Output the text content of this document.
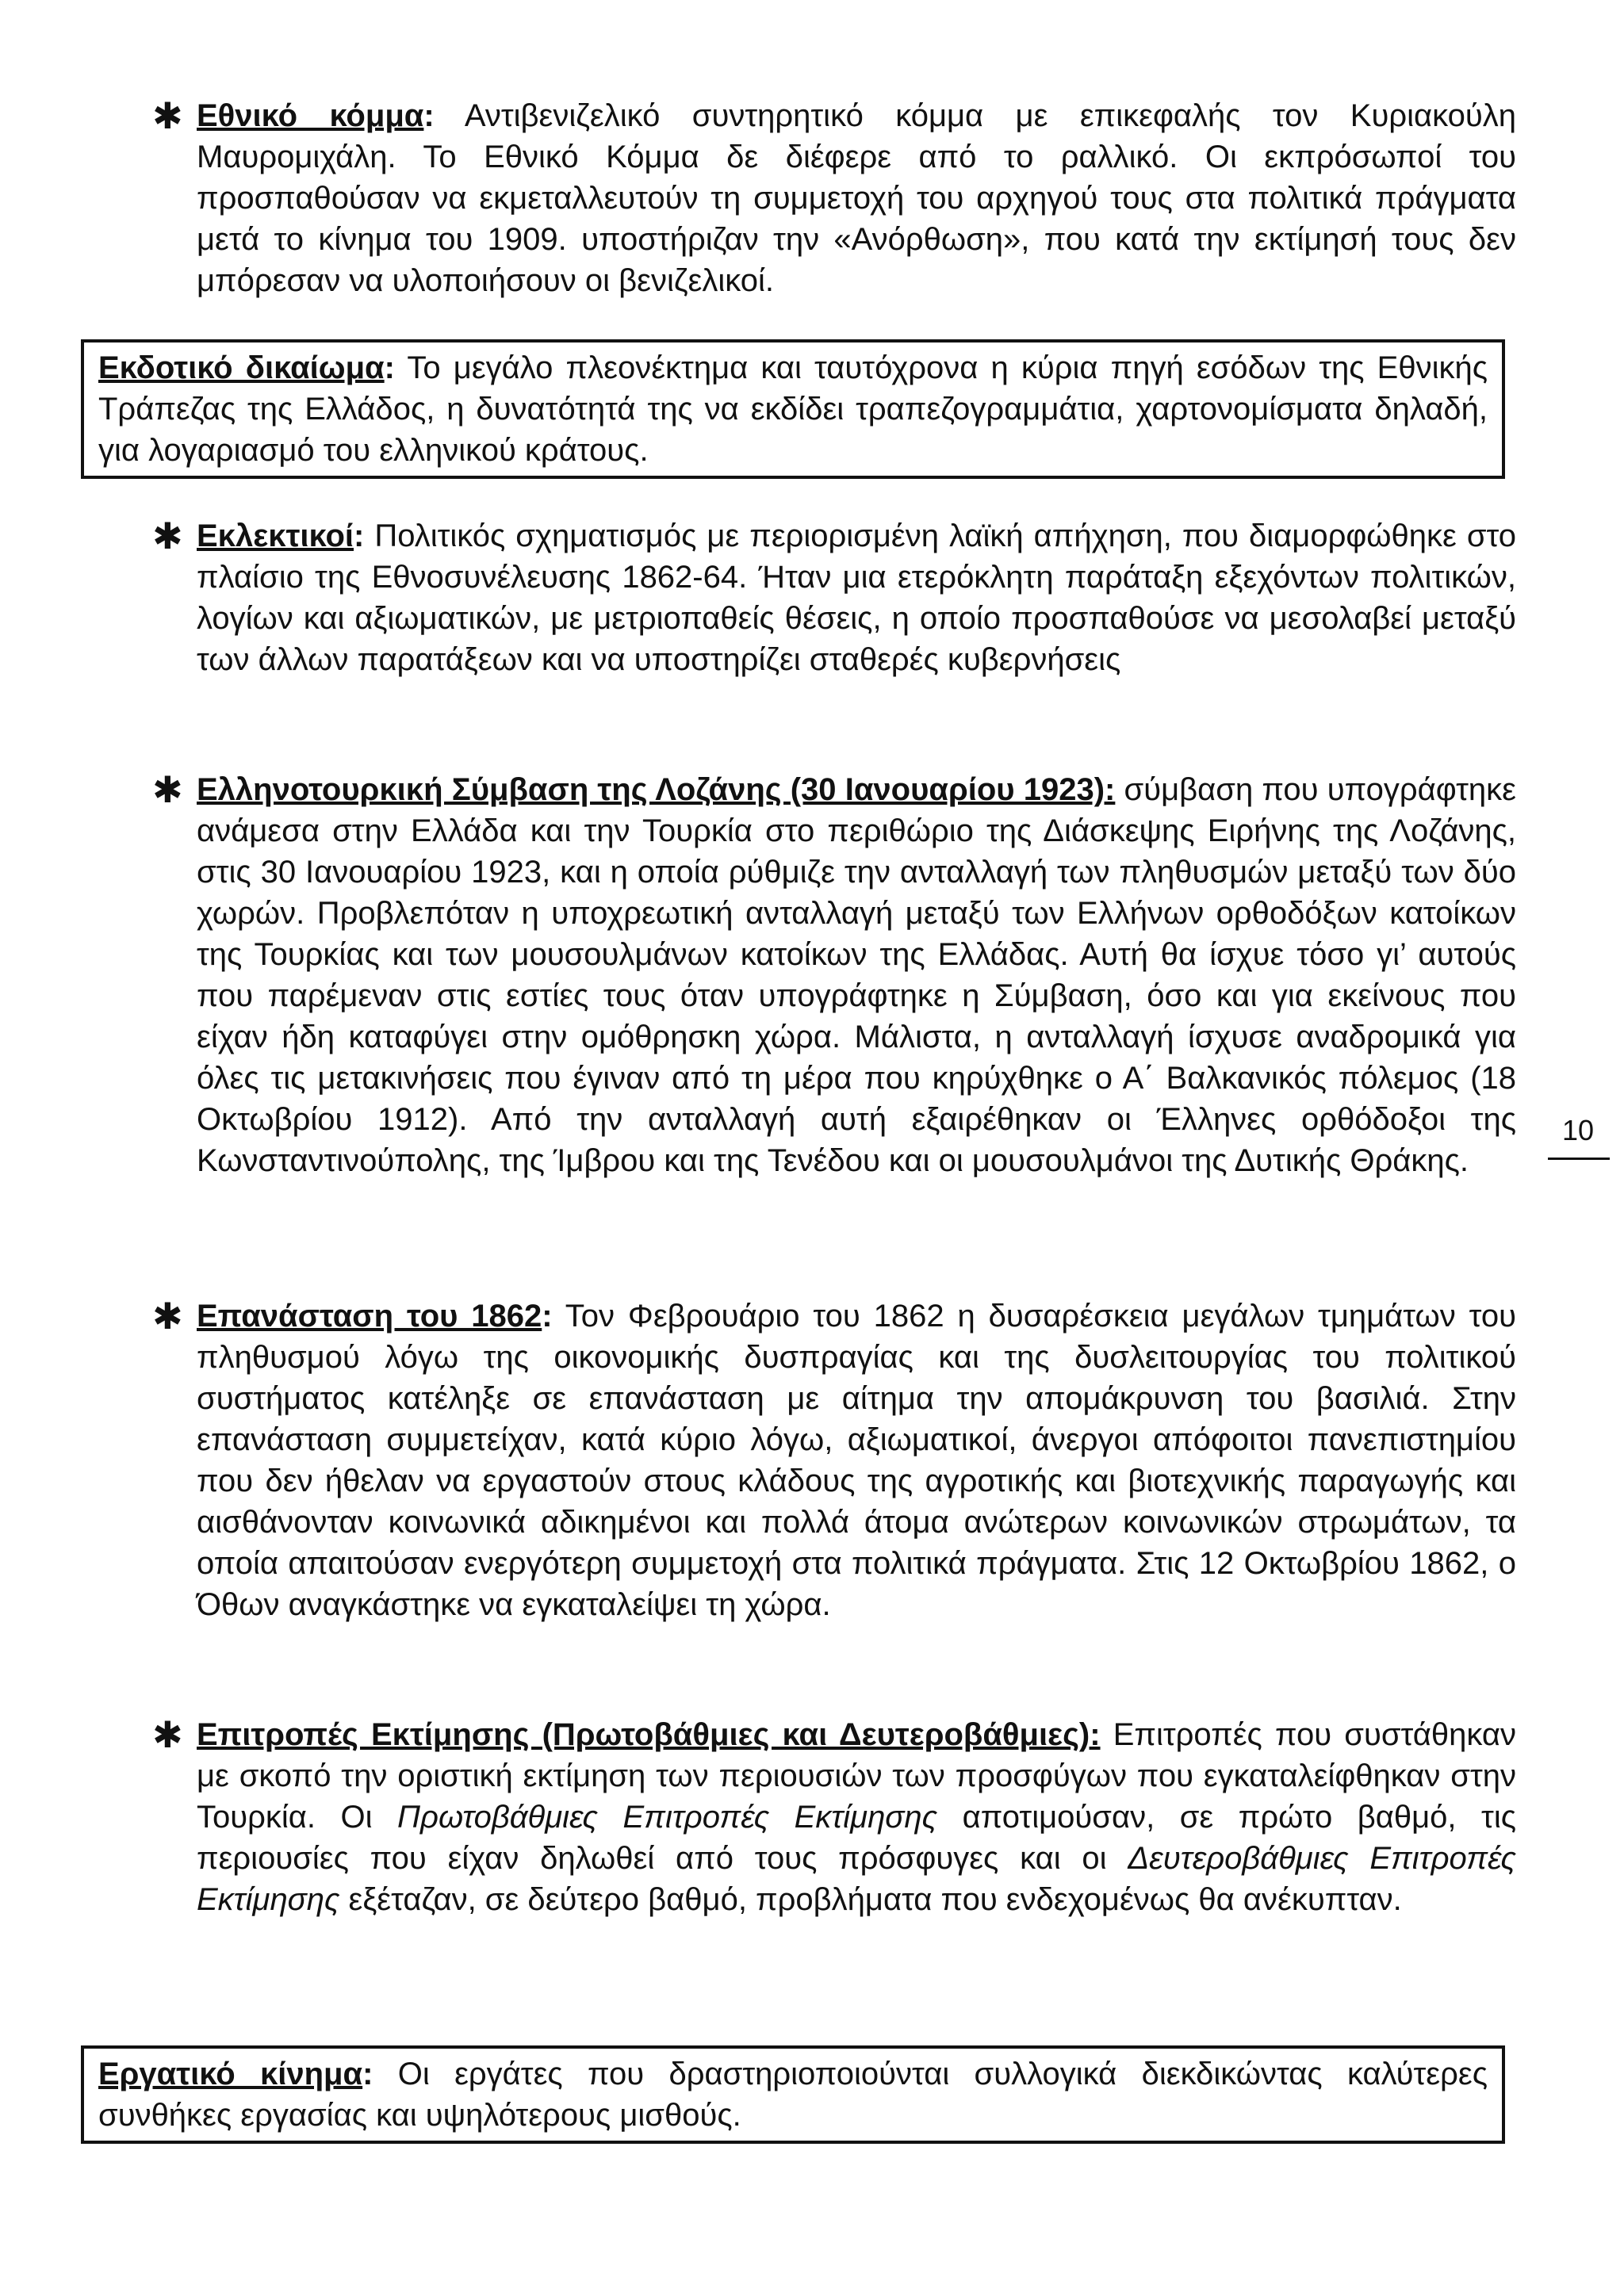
✱ Εθνικό κόμμα: Αντιβενιζελικό συντηρητικό κόμμα με επικεφαλής τον Κυριακούλη Μαυρομιχάλη. Το Εθνικό Κόμμα δε διέφερε από το ραλλικό. Οι εκπρόσωποί του προσπαθούσαν να εκμεταλλευτούν τη συμμετοχή του αρχηγού τους στα πολιτικά πράγματα μετά το κίνημα του 1909. υποστήριζαν την «Ανόρθωση», που κατά την εκτίμησή τους δεν μπόρεσαν να υλοποιήσουν οι βενιζελικοί.
Εκδοτικό δικαίωμα: Το μεγάλο πλεονέκτημα και ταυτόχρονα η κύρια πηγή εσόδων της Εθνικής Τράπεζας της Ελλάδος, η δυνατότητά της να εκδίδει τραπεζογραμμάτια, χαρτονομίσματα δηλαδή, για λογαριασμό του ελληνικού κράτους.
✱ Εκλεκτικοί: Πολιτικός σχηματισμός με περιορισμένη λαϊκή απήχηση, που διαμορφώθηκε στο πλαίσιο της Εθνοσυνέλευσης 1862-64. Ήταν μια ετερόκλητη παράταξη εξεχόντων πολιτικών, λογίων και αξιωματικών, με μετριοπαθείς θέσεις, η οποίο προσπαθούσε να μεσολαβεί μεταξύ των άλλων παρατάξεων και να υποστηρίζει σταθερές κυβερνήσεις
✱ Ελληνοτουρκική Σύμβαση της Λοζάνης (30 Ιανουαρίου 1923): σύμβαση που υπογράφτηκε ανάμεσα στην Ελλάδα και την Τουρκία στο περιθώριο της Διάσκεψης Ειρήνης της Λοζάνης, στις 30 Ιανουαρίου 1923, και η οποία ρύθμιζε την ανταλλαγή των πληθυσμών μεταξύ των δύο χωρών. Προβλεπόταν η υποχρεωτική ανταλλαγή μεταξύ των Ελλήνων ορθοδόξων κατοίκων της Τουρκίας και των μουσουλμάνων κατοίκων της Ελλάδας. Αυτή θα ίσχυε τόσο γι’ αυτούς που παρέμεναν στις εστίες τους όταν υπογράφτηκε η Σύμβαση, όσο και για εκείνους που είχαν ήδη καταφύγει στην ομόθρησκη χώρα. Μάλιστα, η ανταλλαγή ίσχυσε αναδρομικά για όλες τις μετακινήσεις που έγιναν από τη μέρα που κηρύχθηκε ο Α΄ Βαλκανικός πόλεμος (18 Οκτωβρίου 1912). Από την ανταλλαγή αυτή εξαιρέθηκαν οι Έλληνες ορθόδοξοι της Κωνσταντινούπολης, της Ίμβρου και της Τενέδου και οι μουσουλμάνοι της Δυτικής Θράκης.
✱ Επανάσταση του 1862: Τον Φεβρουάριο του 1862 η δυσαρέσκεια μεγάλων τμημάτων του πληθυσμού λόγω της οικονομικής δυσπραγίας και της δυσλειτουργίας του πολιτικού συστήματος κατέληξε σε επανάσταση με αίτημα την απομάκρυνση του βασιλιά. Στην επανάσταση συμμετείχαν, κατά κύριο λόγω, αξιωματικοί, άνεργοι απόφοιτοι πανεπιστημίου που δεν ήθελαν να εργαστούν στους κλάδους της αγροτικής και βιοτεχνικής παραγωγής και αισθάνονταν κοινωνικά αδικημένοι και πολλά άτομα ανώτερων κοινωνικών στρωμάτων, τα οποία απαιτούσαν ενεργότερη συμμετοχή στα πολιτικά πράγματα. Στις 12 Οκτωβρίου 1862, ο Όθων αναγκάστηκε να εγκαταλείψει τη χώρα.
✱ Επιτροπές Εκτίμησης (Πρωτοβάθμιες και Δευτεροβάθμιες): Επιτροπές που συστάθηκαν με σκοπό την οριστική εκτίμηση των περιουσιών των προσφύγων που εγκαταλείφθηκαν στην Τουρκία. Οι Πρωτοβάθμιες Επιτροπές Εκτίμησης αποτιμούσαν, σε πρώτο βαθμό, τις περιουσίες που είχαν δηλωθεί από τους πρόσφυγες και οι Δευτεροβάθμιες Επιτροπές Εκτίμησης εξέταζαν, σε δεύτερο βαθμό, προβλήματα που ενδεχομένως θα ανέκυπταν.
Εργατικό κίνημα: Οι εργάτες που δραστηριοποιούνται συλλογικά διεκδικώντας καλύτερες συνθήκες εργασίας και υψηλότερους μισθούς.
10
